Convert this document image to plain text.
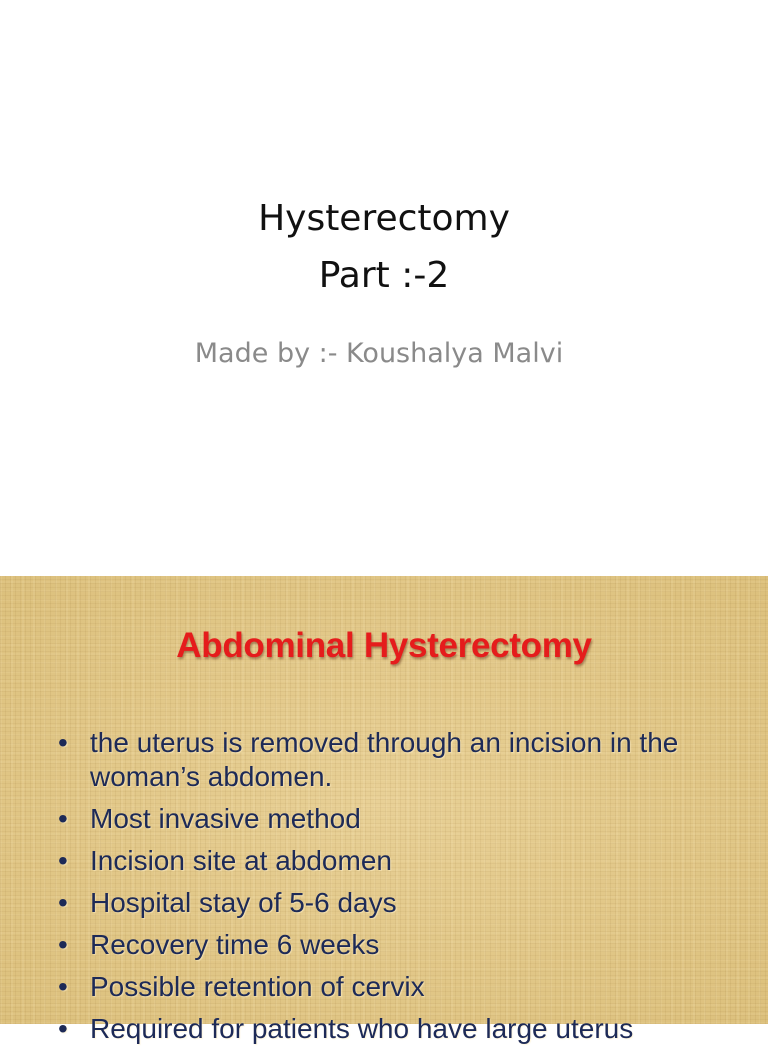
Hysterectomy
Part :-2
Made by :- Koushalya Malvi
Abdominal Hysterectomy
• the uterus is removed through an incision in the woman’s abdomen.
• Most invasive method
• Incision site at abdomen
• Hospital stay of 5-6 days
• Recovery time 6 weeks
• Possible retention of cervix
• Required for patients who have large uterus
